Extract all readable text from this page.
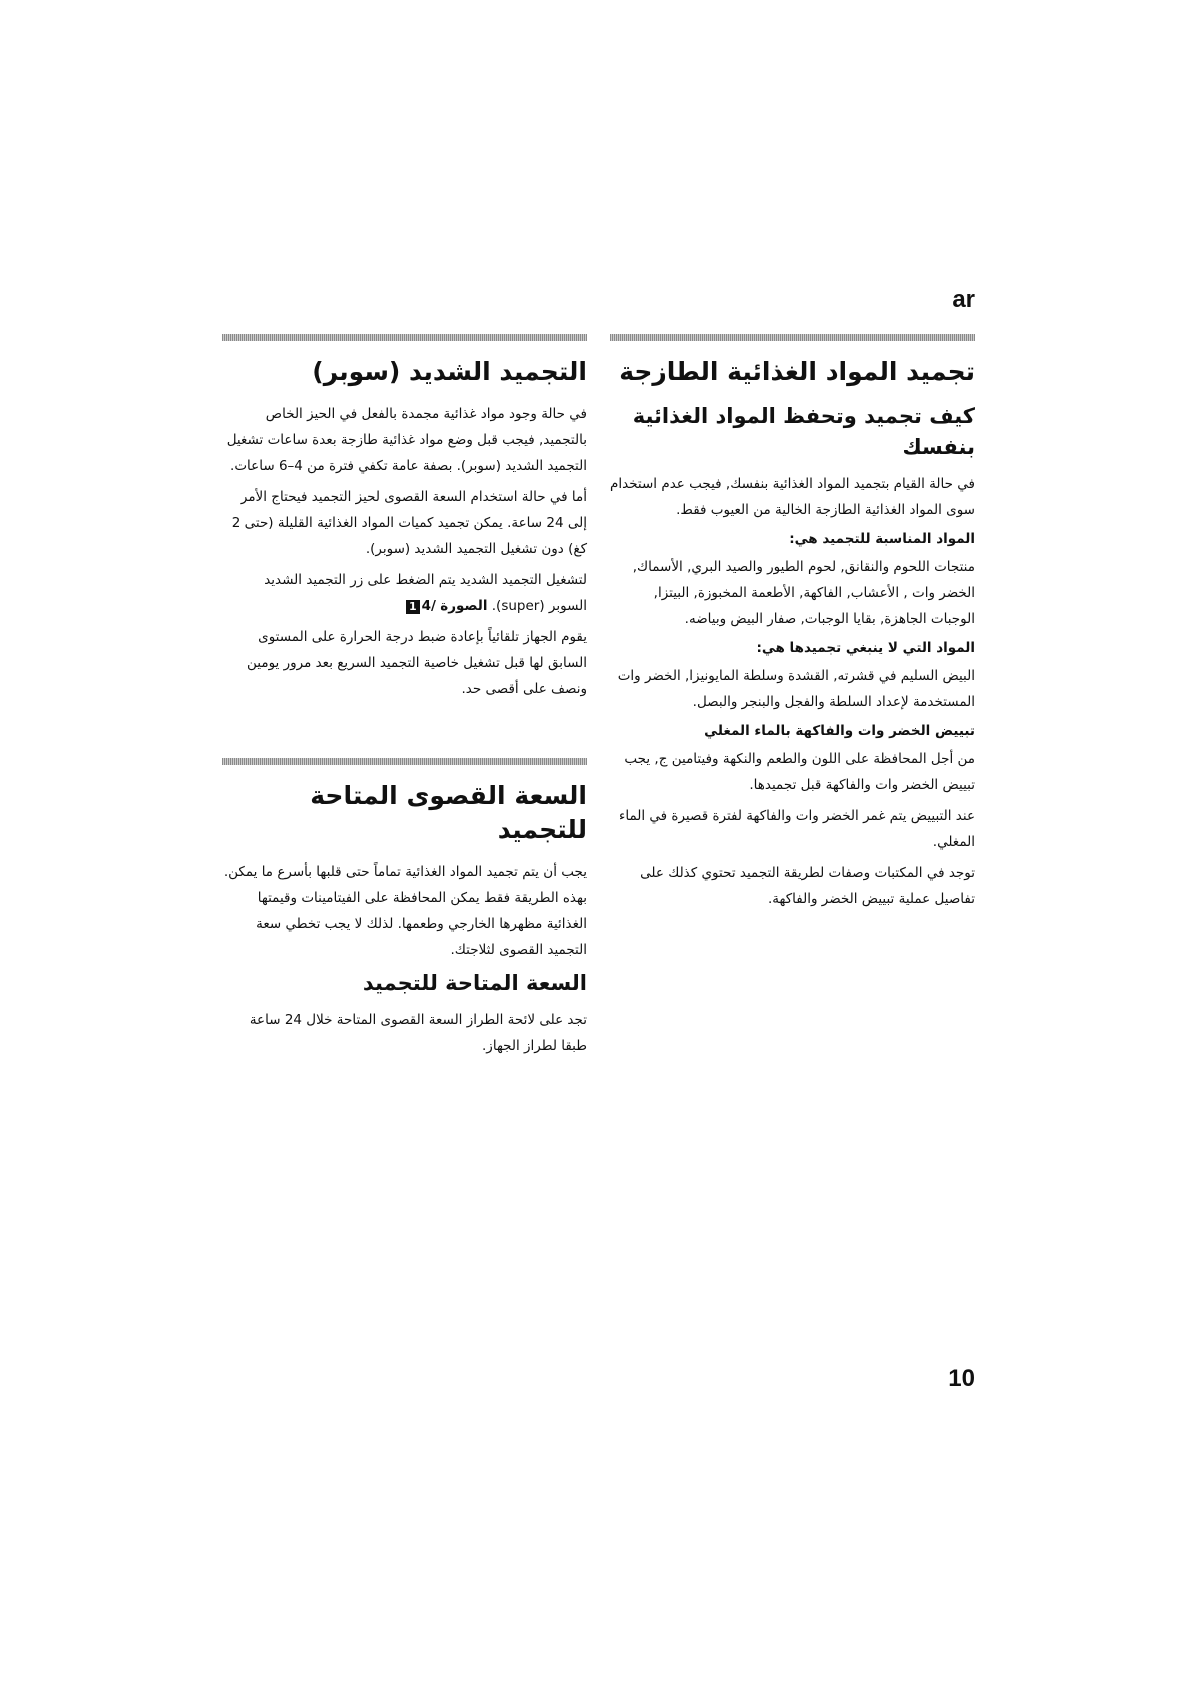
ar
تجميد المواد الغذائية الطازجة
كيف تجميد وتحفظ المواد الغذائية بنفسك

في حالة القيام بتجميد المواد الغذائية بنفسك, فيجب عدم استخدام سوى المواد الغذائية الطازجة الخالية من العيوب فقط.

المواد المناسبة للتجميد هي:

منتجات اللحوم والنقانق, لحوم الطيور والصيد البري, الأسماك, الخضر وات , الأعشاب, الفاكهة, الأطعمة المخبوزة, البيتزا, الوجبات الجاهزة, بقايا الوجبات, صفار البيض وبياضه.

المواد التي لا ينبغي تجميدها هي:

البيض السليم في قشرته, القشدة وسلطة المايونيزا, الخضر وات المستخدمة لإعداد السلطة والفجل والبنجر والبصل.

تبييض الخضر وات والفاكهة بالماء المغلي

من أجل المحافظة على اللون والطعم والنكهة وفيتامين ج, يجب تبييض الخضر وات والفاكهة قبل تجميدها.

عند التبييض يتم غمر الخضر وات والفاكهة لفترة قصيرة في الماء المغلي.

توجد في المكتبات وصفات لطريقة التجميد تحتوي كذلك على تفاصيل عملية تبييض الخضر والفاكهة.

التجميد الشديد (سوبر)

في حالة وجود مواد غذائية مجمدة بالفعل في الحيز الخاص بالتجميد, فيجب قبل وضع مواد غذائية طازجة بعدة ساعات تشغيل التجميد الشديد (سوبر). بصفة عامة تكفي فترة من 4–6 ساعات.

أما في حالة استخدام السعة القصوى لحيز التجميد فيحتاج الأمر إلى 24 ساعة. يمكن تجميد كميات المواد الغذائية القليلة (حتى 2 كغ) دون تشغيل التجميد الشديد (سوبر).

لتشغيل التجميد الشديد يتم الضغط على زر التجميد الشديد السوبر (super). الصورة /41

يقوم الجهاز تلقائياً بإعادة ضبط درجة الحرارة على المستوى السابق لها قبل تشغيل خاصية التجميد السريع بعد مرور يومين ونصف على أقصى حد.

السعة القصوى المتاحة للتجميد

يجب أن يتم تجميد المواد الغذائية تماماً حتى قلبها بأسرع ما يمكن. بهذه الطريقة فقط يمكن المحافظة على الفيتامينات وقيمتها الغذائية مظهرها الخارجي وطعمها. لذلك لا يجب تخطي سعة التجميد القصوى لثلاجتك.

السعة المتاحة للتجميد

تجد على لائحة الطراز السعة القصوى المتاحة خلال 24 ساعة طبقا لطراز الجهاز.

10
